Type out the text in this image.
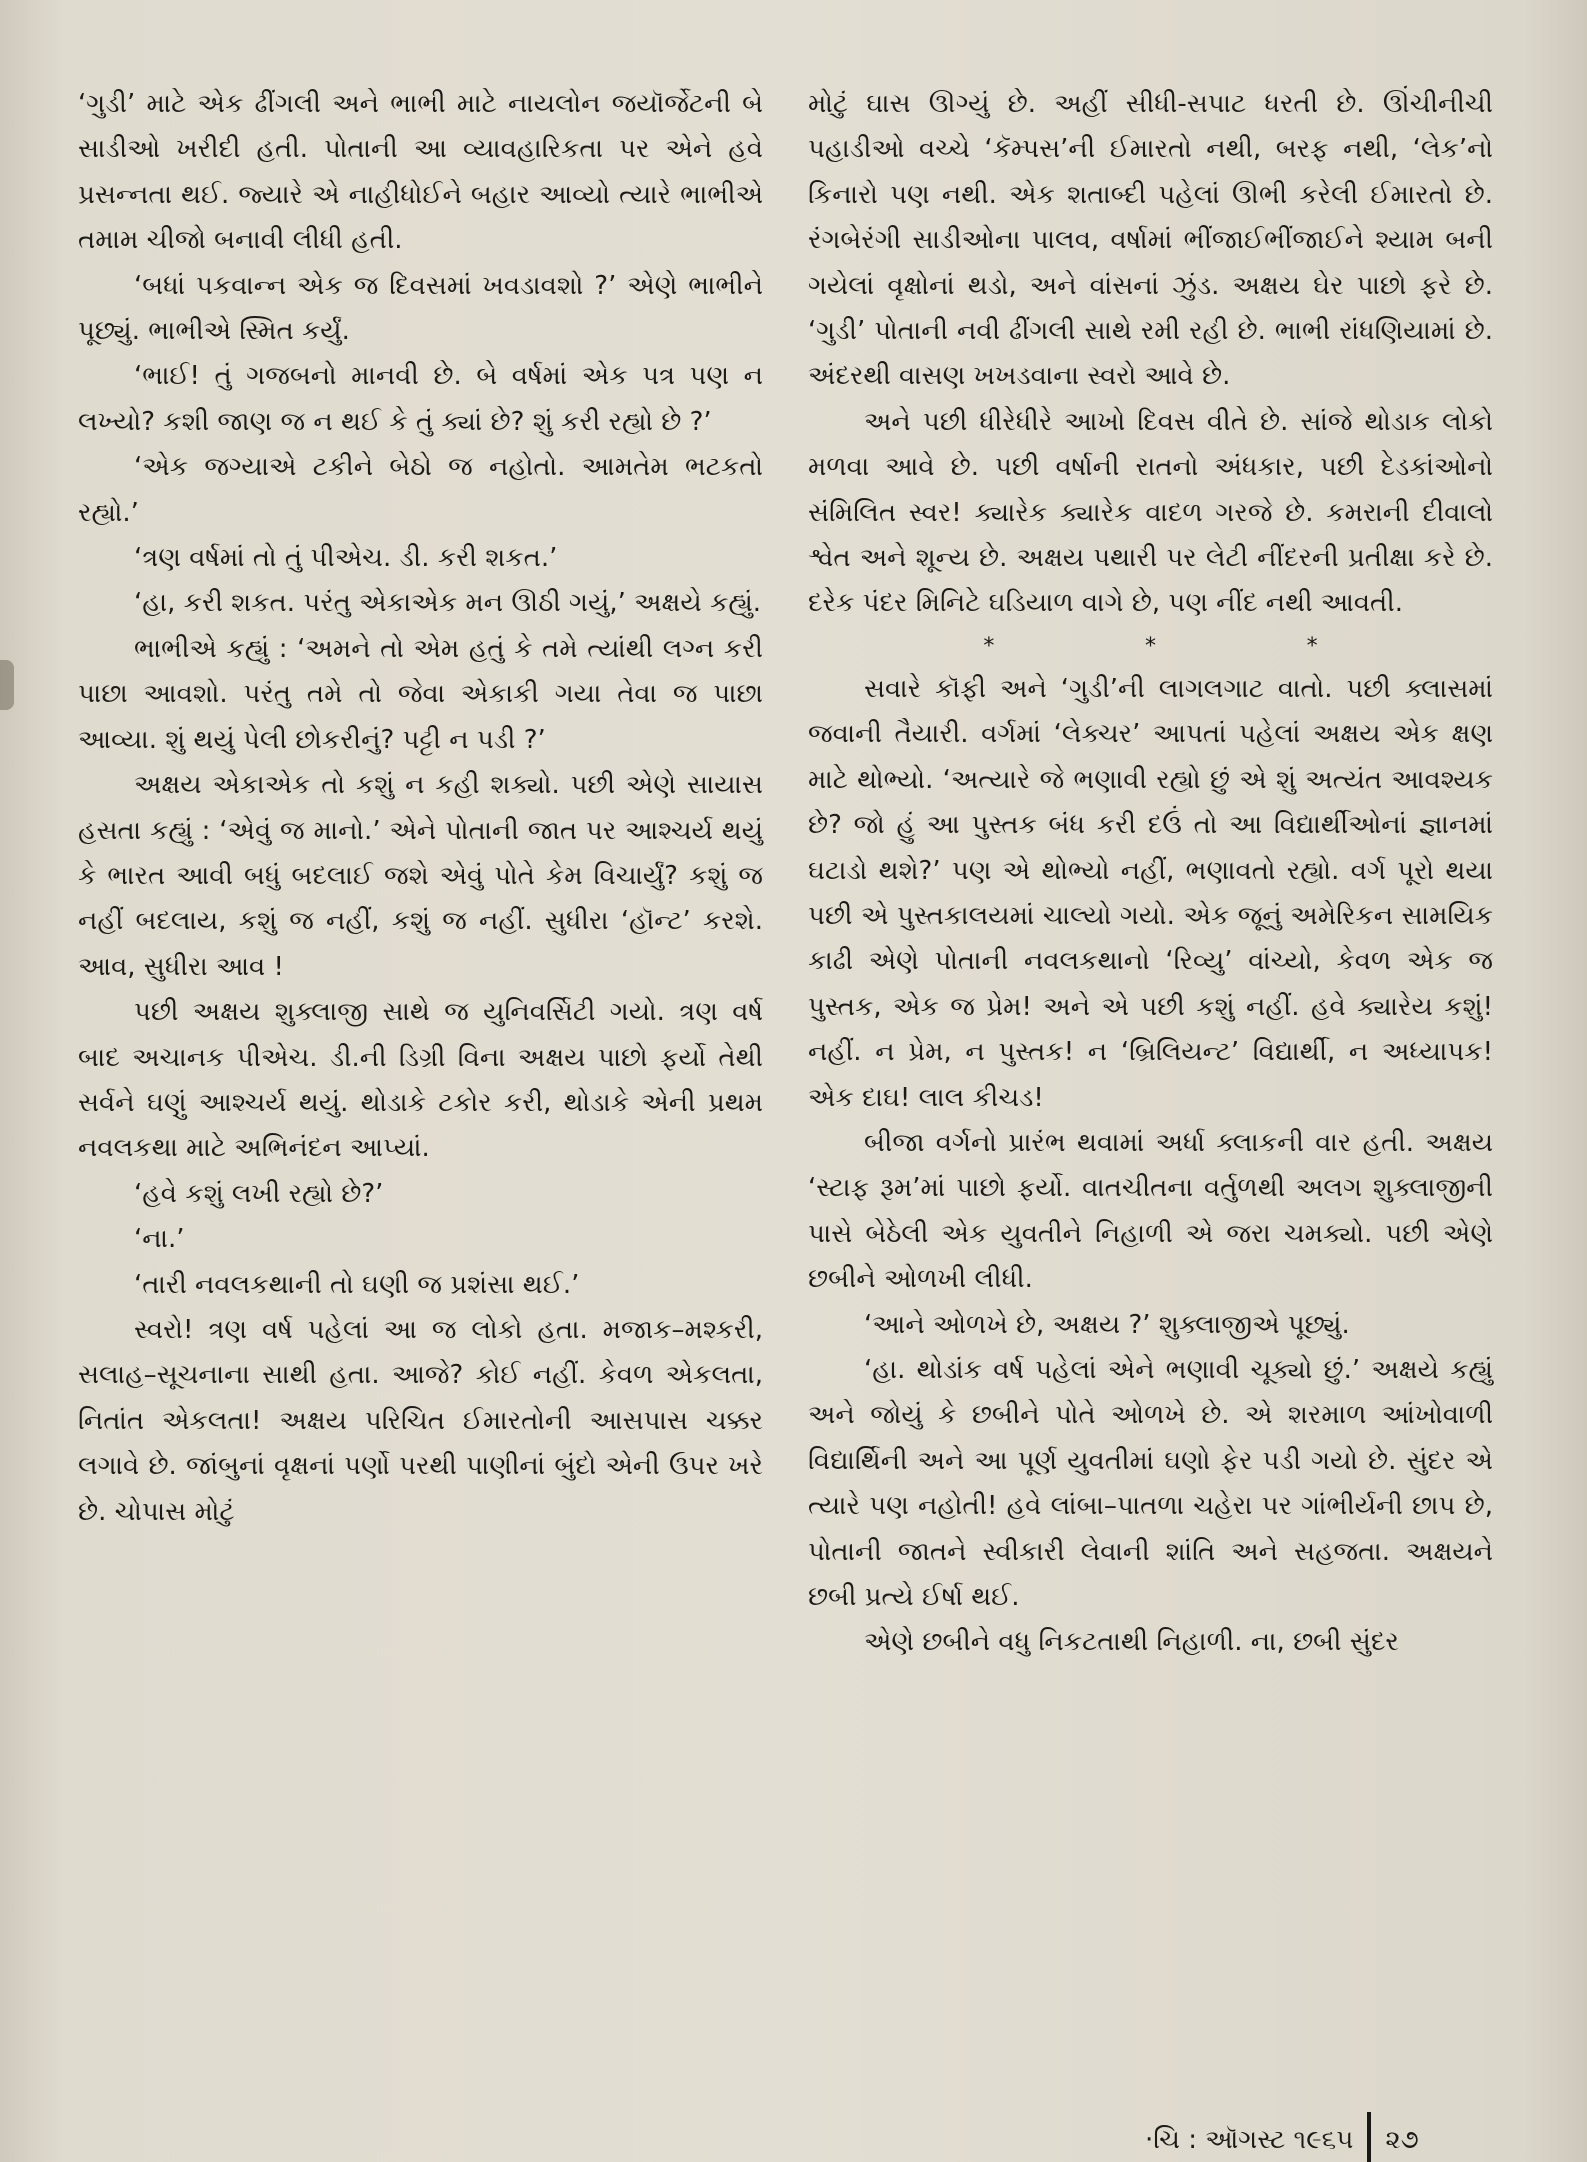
‘ગુડી’ માટે એક ઢીંગલી અને ભાભી માટે નાયલોન જયૉર્જેટની બે સાડીઓ ખરીદી હતી. પોતાની આ વ્યાવહારિકતા પર એને હવે પ્રસન્નતા થઈ. જ્યારે એ નાહીધોઈને બહાર આવ્યો ત્યારે ભાભીએ તમામ ચીજો બનાવી લીધી હતી.

‘બધાં પકવાન્ન એક જ દિવસમાં ખવડાવશો ?’ એણે ભાભીને પૂછ્યું. ભાભીએ સ્મિત કર્યું.

‘ભાઈ! તું ગજબનો માનવી છે. બે વર્ષમાં એક પત્ર પણ ન લખ્યો? કશી જાણ જ ન થઈ કે તું ક્યાં છે? શું કરી રહ્યો છે ?’

‘એક જગ્યાએ ટકીને બેઠો જ નહોતો. આમતેમ ભટકતો રહ્યો.’

‘ત્રણ વર્ષમાં તો તું પીએચ. ડી. કરી શકત.’

‘હા, કરી શકત. પરંતુ એકાએક મન ઊઠી ગયું,’ અક્ષયે કહ્યું.

ભાભીએ કહ્યું : ‘અમને તો એમ હતું કે તમે ત્યાંથી લગ્ન કરી પાછા આવશો. પરંતુ તમે તો જેવા એકાકી ગયા તેવા જ પાછા આવ્યા. શું થયું પેલી છોકરીનું? પટ્ટી ન પડી ?’

અક્ષય એકાએક તો કશું ન કહી શક્યો. પછી એણે સાયાસ હસતા કહ્યું : ‘એવું જ માનો.’ એને પોતાની જાત પર આશ્ચર્ય થયું કે ભારત આવી બધું બદલાઈ જશે એવું પોતે કેમ વિચાર્યું? કશું જ નહીં બદલાય, કશું જ નહીં, કશું જ નહીં. સુધીરા ‘હૉન્ટ’ કરશે. આવ, સુધીરા આવ !

પછી અક્ષય શુક્લાજી સાથે જ યુનિવર્સિટી ગયો. ત્રણ વર્ષ બાદ અચાનક પીએચ. ડી.ની ડિગ્રી વિના અક્ષય પાછો ફર્યો તેથી સર્વને ઘણું આશ્ચર્ય થયું. થોડાકે ટકોર કરી, થોડાકે એની પ્રથમ નવલકથા માટે અભિનંદન આપ્યાં.

‘હવે કશું લખી રહ્યો છે?’

‘ના.’

‘તારી નવલકથાની તો ઘણી જ પ્રશંસા થઈ.’

સ્વરો! ત્રણ વર્ષ પહેલાં આ જ લોકો હતા. મજાક–મશ્કરી, સલાહ–સૂચનાના સાથી હતા. આજે? કોઈ નહીં. કેવળ એકલતા, નિતાંત એકલતા! અક્ષય પરિચિત ઈમારતોની આસપાસ ચક્કર લગાવે છે. જાંબુનાં વૃક્ષનાં પર્ણો પરથી પાણીનાં બુંદો એની ઉપર ખરે છે. ચોપાસ મોટું

મોટું ઘાસ ઊગ્યું છે. અહીં સીધી-સપાટ ધરતી છે. ઊંચીનીચી પહાડીઓ વચ્ચે ‘કૅમ્પસ’ની ઈમારતો નથી, બરફ નથી, ‘લેક’નો કિનારો પણ નથી. એક શતાબ્દી પહેલાં ઊભી કરેલી ઈમારતો છે. રંગબેરંગી સાડીઓના પાલવ, વર્ષામાં ભીંજાઈભીંજાઈને શ્યામ બની ગયેલાં વૃક્ષોનાં થડો, અને વાંસનાં ઝુંડ. અક્ષય ઘેર પાછો ફરે છે. ‘ગુડી’ પોતાની નવી ઢીંગલી સાથે રમી રહી છે. ભાભી રાંધણિયામાં છે. અંદરથી વાસણ ખખડવાના સ્વરો આવે છે.

અને પછી ધીરેધીરે આખો દિવસ વીતે છે. સાંજે થોડાક લોકો મળવા આવે છે. પછી વર્ષાની રાતનો અંધકાર, પછી દેડકાંઓનો સંમિલિત સ્વર! ક્યારેક ક્યારેક વાદળ ગરજે છે. કમરાની દીવાલો શ્વેત અને શૂન્ય છે. અક્ષય પથારી પર લેટી નીંદરની પ્રતીક્ષા કરે છે. દરેક પંદર મિનિટે ઘડિયાળ વાગે છે, પણ નીંદ નથી આવતી.

*	*	*

સવારે કૉફી અને ‘ગુડી’ની લાગલગાટ વાતો. પછી ક્લાસમાં જવાની તૈયારી. વર્ગમાં ‘લેક્ચર’ આપતાં પહેલાં અક્ષય એક ક્ષણ માટે થોભ્યો. ‘અત્યારે જે ભણાવી રહ્યો છું એ શું અત્યંત આવશ્યક છે? જો હું આ પુસ્તક બંધ કરી દઉં તો આ વિદ્યાર્થીઓનાં જ્ઞાનમાં ઘટાડો થશે?’ પણ એ થોભ્યો નહીં, ભણાવતો રહ્યો. વર્ગ પૂરો થયા પછી એ પુસ્તકાલયમાં ચાલ્યો ગયો. એક જૂનું અમેરિકન સામયિક કાઢી એણે પોતાની નવલકથાનો ‘રિવ્યુ’ વાંચ્યો, કેવળ એક જ પુસ્તક, એક જ પ્રેમ! અને એ પછી કશું નહીં. હવે ક્યારેય કશું! નહીં. ન પ્રેમ, ન પુસ્તક! ન ‘બ્રિલિયન્ટ’ વિદ્યાર્થી, ન અધ્યાપક! એક દાઘ! લાલ કીચડ!

બીજા વર્ગનો પ્રારંભ થવામાં અર્ધા ક્લાકની વાર હતી. અક્ષય ‘સ્ટાફ રૂમ’માં પાછો ફર્યો. વાતચીતના વર્તુળથી અલગ શુક્લાજીની પાસે બેઠેલી એક યુવતીને નિહાળી એ જરા ચમક્યો. પછી એણે છબીને ઓળખી લીધી.

‘આને ઓળખે છે, અક્ષય ?’ શુક્લાજીએ પૂછ્યું.

‘હા. થોડાંક વર્ષ પહેલાં એને ભણાવી ચૂક્યો છું.’ અક્ષયે કહ્યું અને જોયું કે છબીને પોતે ઓળખે છે. એ શરમાળ આંખોવાળી વિદ્યાર્થિની અને આ પૂર્ણ યુવતીમાં ઘણો ફેર પડી ગયો છે. સુંદર એ ત્યારે પણ નહોતી! હવે લાંબા–પાતળા ચહેરા પર ગાંભીર્યની છાપ છે, પોતાની જાતને સ્વીકારી લેવાની શાંતિ અને સહજતા. અક્ષયને છબી પ્રત્યે ઈર્ષા થઈ.

એણે છબીને વધુ નિકટતાથી નિહાળી. ના, છબી સુંદર

·ચિ : ઑગસ્ટ ૧૯૬૫ ૨૭
